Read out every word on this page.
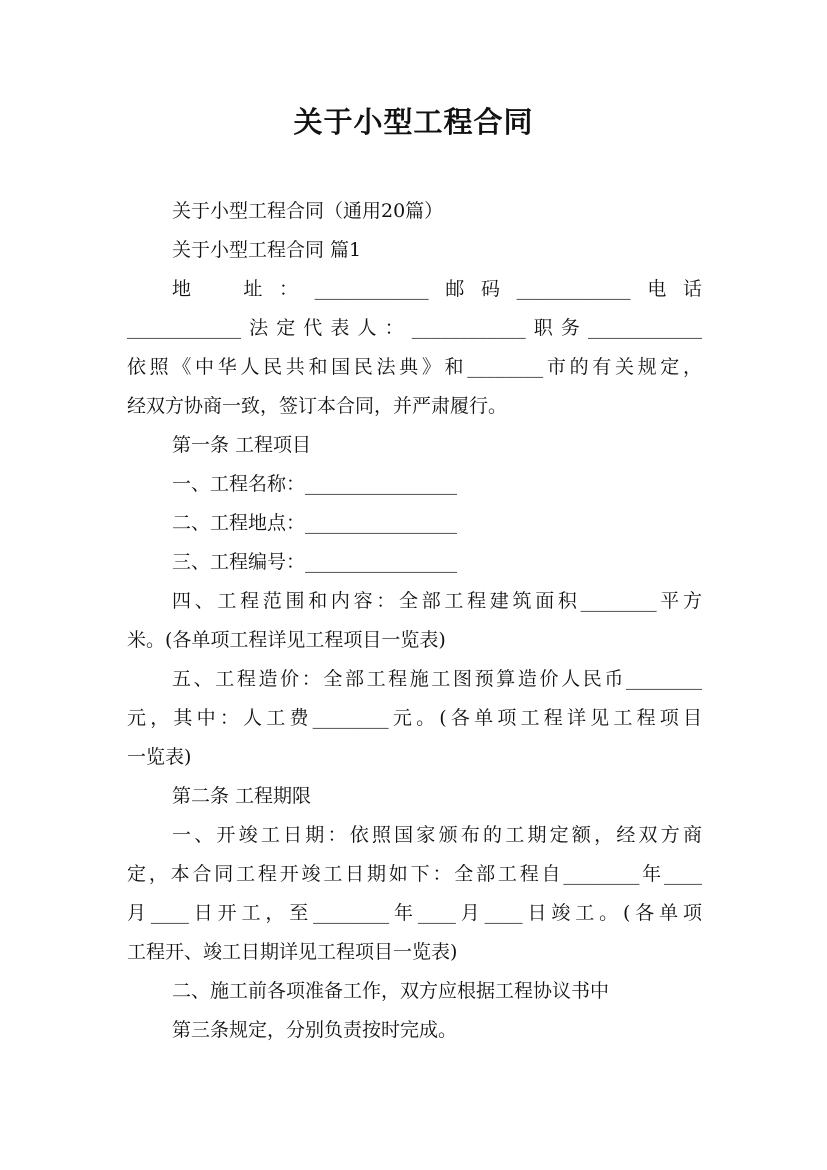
关于小型工程合同
关于小型工程合同（通用20篇）
关于小型工程合同 篇1
地　址：____________邮码____________电话
____________法定代表人：____________职务____________
依照《中华人民共和国民法典》和________市的有关规定，
经双方协商一致，签订本合同，并严肃履行。
第一条 工程项目
一、工程名称：________________
二、工程地点：________________
三、工程编号：________________
四、工程范围和内容：全部工程建筑面积________平方
米。(各单项工程详见工程项目一览表)
五、工程造价：全部工程施工图预算造价人民币________
元，其中：人工费________元。(各单项工程详见工程项目
一览表)
第二条 工程期限
一、开竣工日期：依照国家颁布的工期定额，经双方商
定，本合同工程开竣工日期如下：全部工程自________年____
月____日开工，至________年____月____日竣工。(各单项
工程开、竣工日期详见工程项目一览表)
二、施工前各项准备工作，双方应根据工程协议书中
第三条规定，分别负责按时完成。
